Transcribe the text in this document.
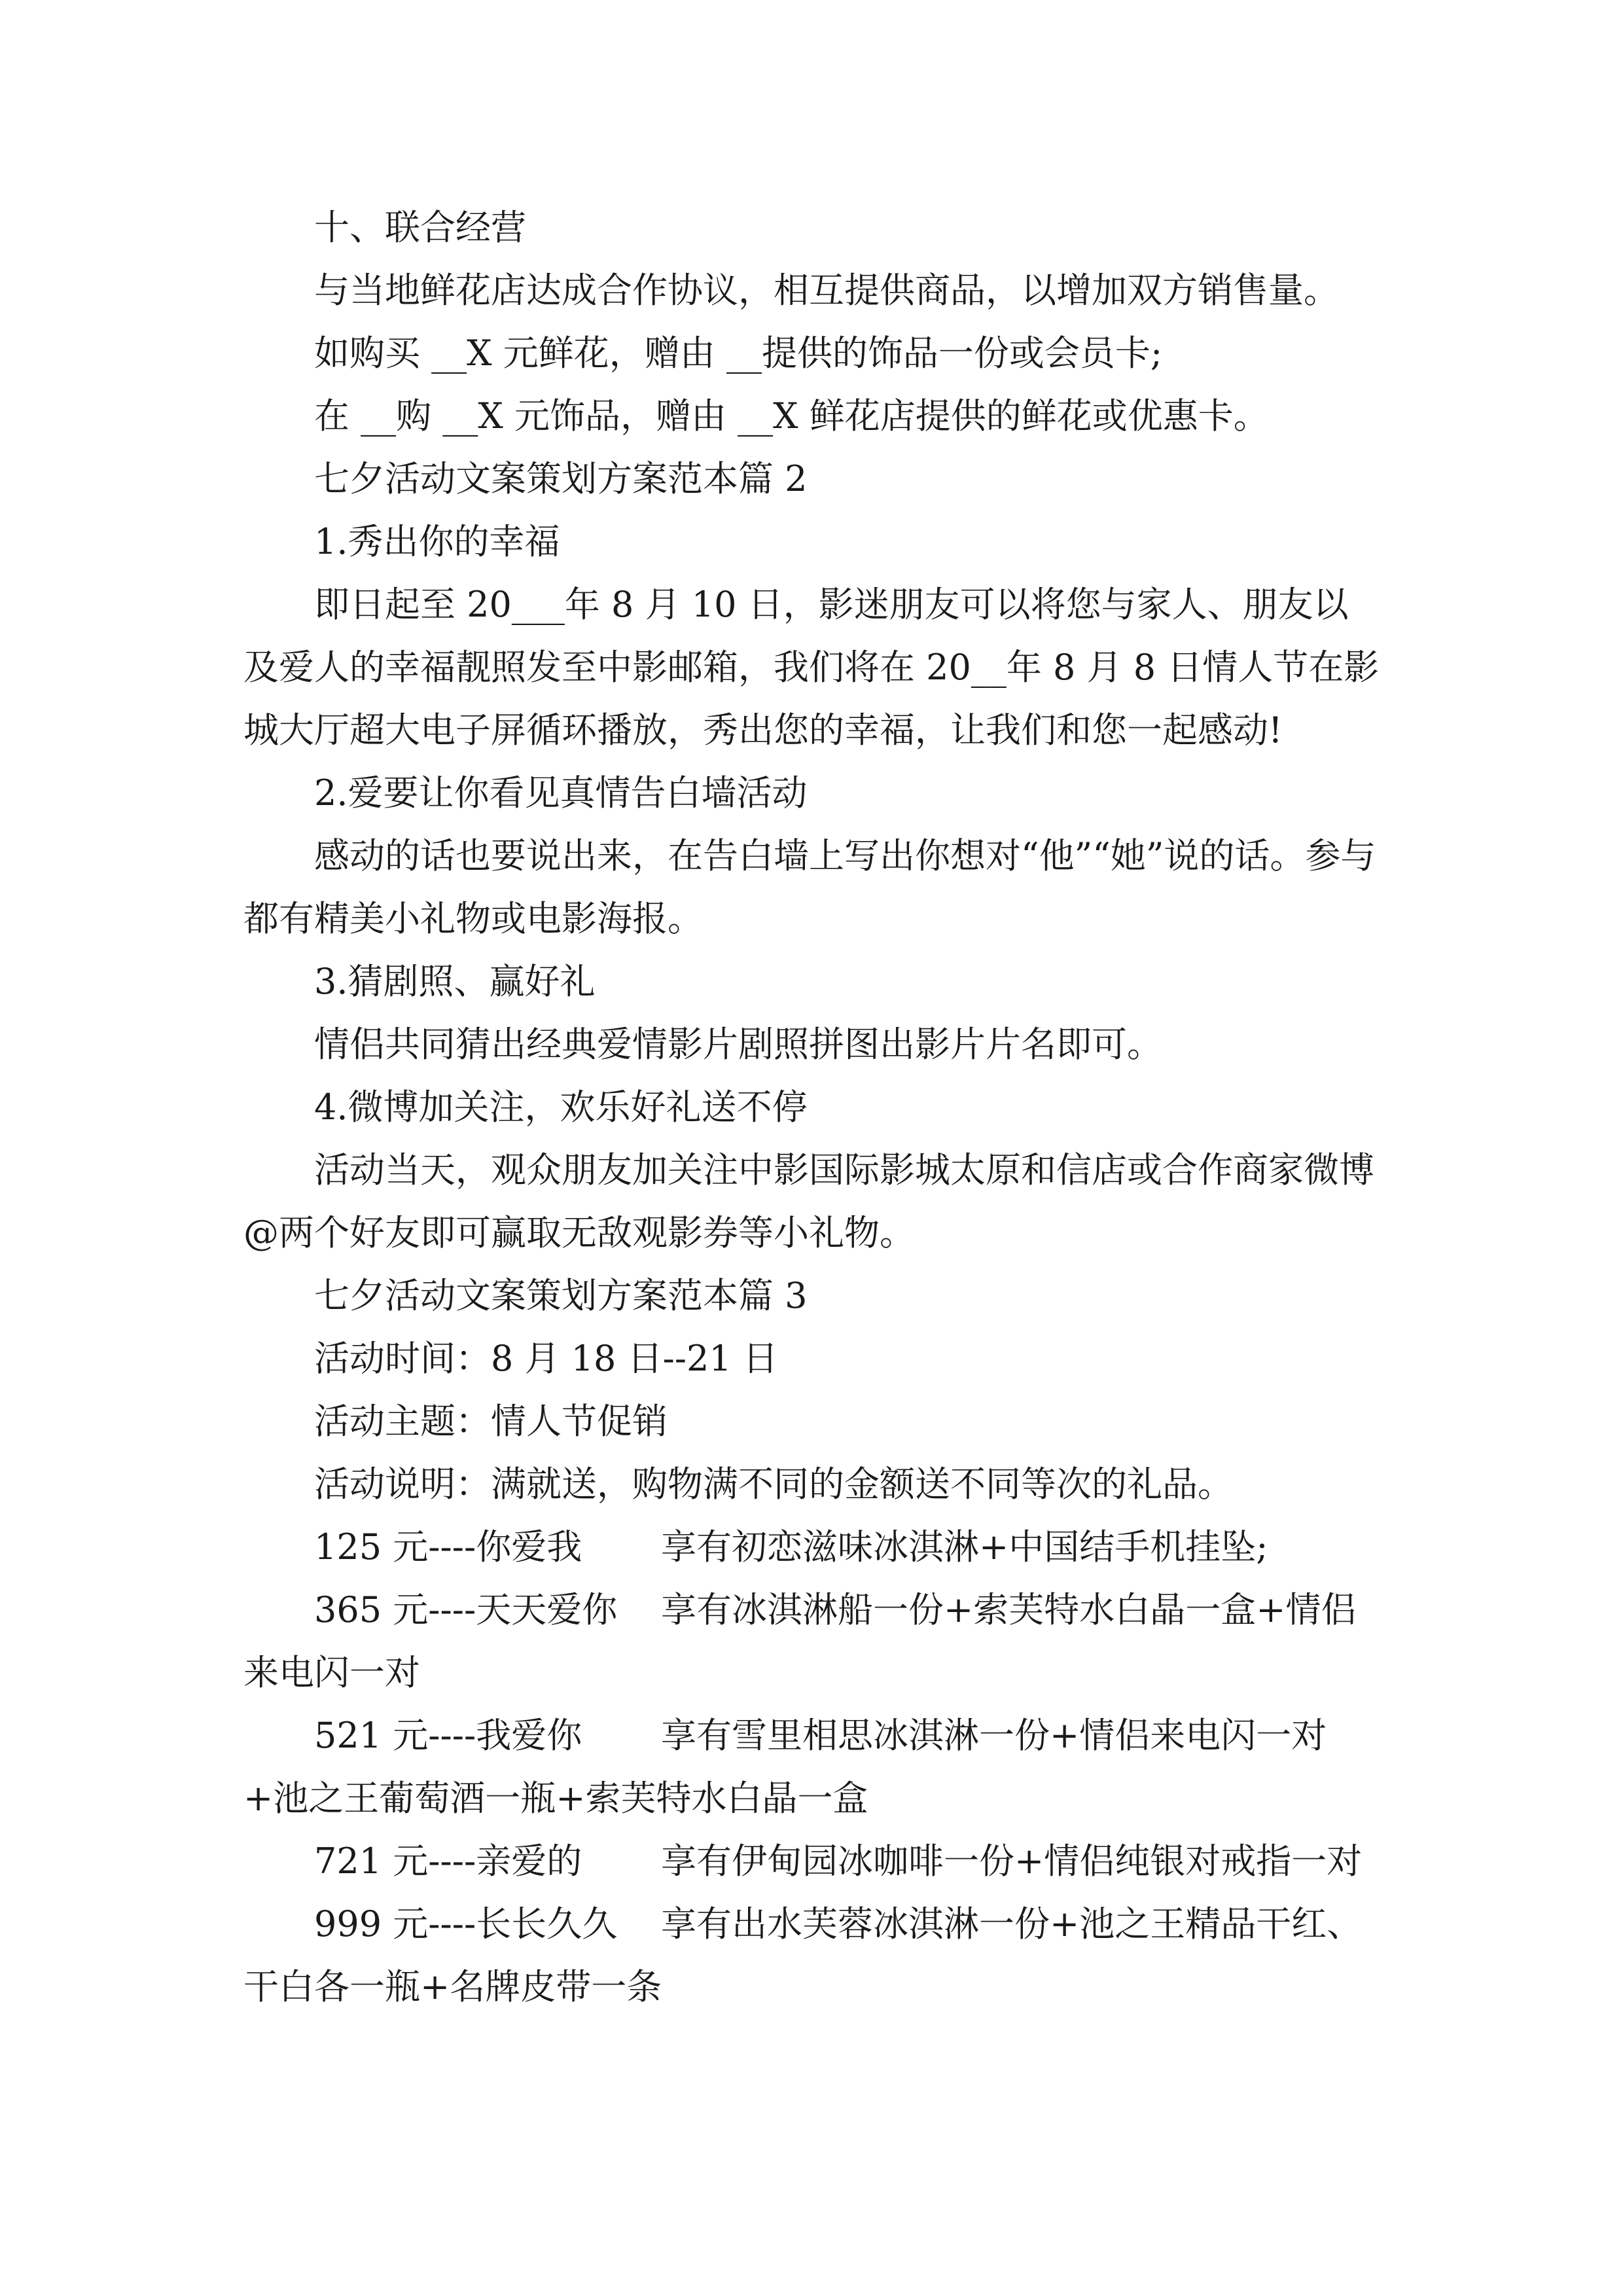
十、联合经营

与当地鲜花店达成合作协议，相互提供商品，以增加双方销售量。

如购买 __X 元鲜花，赠由 __提供的饰品一份或会员卡;

在 __购 __X 元饰品，赠由 __X 鲜花店提供的鲜花或优惠卡。

七夕活动文案策划方案范本篇 2

1.秀出你的幸福

即日起至 20___年 8 月 10 日，影迷朋友可以将您与家人、朋友以及爱人的幸福靓照发至中影邮箱，我们将在 20__年 8 月 8 日情人节在影城大厅超大电子屏循环播放，秀出您的幸福，让我们和您一起感动!

2.爱要让你看见真情告白墙活动

感动的话也要说出来，在告白墙上写出你想对“他”“她”说的话。参与都有精美小礼物或电影海报。

3.猜剧照、赢好礼

情侣共同猜出经典爱情影片剧照拼图出影片片名即可。

4.微博加关注，欢乐好礼送不停

活动当天，观众朋友加关注中影国际影城太原和信店或合作商家微博@两个好友即可赢取无敌观影券等小礼物。

七夕活动文案策划方案范本篇 3

活动时间：8 月 18 日--21 日

活动主题：情人节促销

活动说明：满就送，购物满不同的金额送不同等次的礼品。

125 元----你爱我 享有初恋滋味冰淇淋+中国结手机挂坠;
365 元----天天爱你 享有冰淇淋船一份+索芙特水白晶一盒+情侣来电闪一对
521 元----我爱你 享有雪里相思冰淇淋一份+情侣来电闪一对+池之王葡萄酒一瓶+索芙特水白晶一盒
721 元----亲爱的 享有伊甸园冰咖啡一份+情侣纯银对戒指一对
999 元----长长久久 享有出水芙蓉冰淇淋一份+池之王精品干红、干白各一瓶+名牌皮带一条
